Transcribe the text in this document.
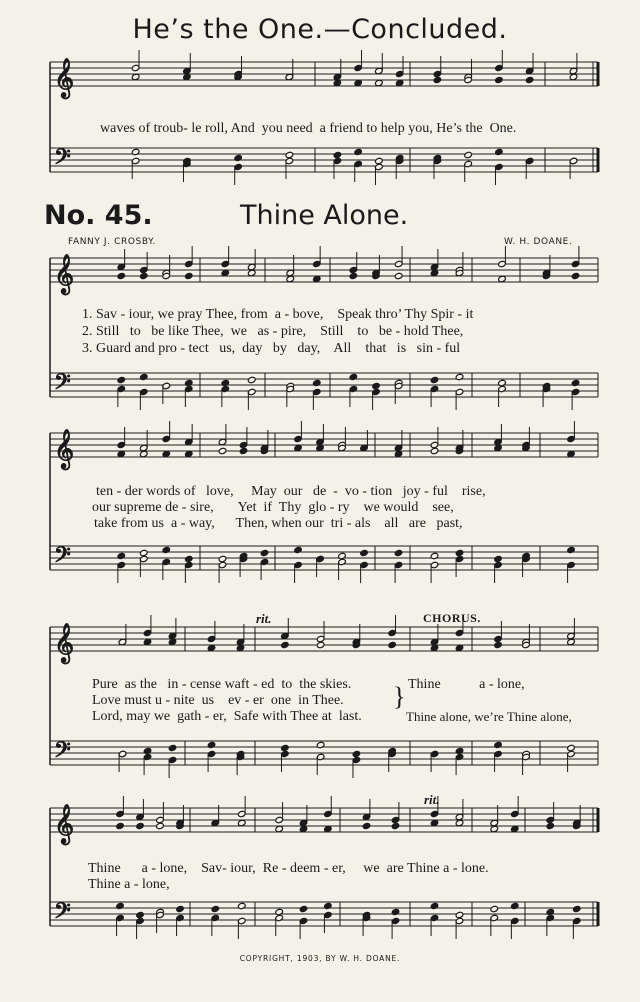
𝄞
𝄢
𝄞
𝄢
𝄞
𝄢
𝄞
𝄢
𝄞
𝄢
He’s the One.—Concluded.
waves of troub- le roll, And  you need  a friend to help you, He’s the  One.
No. 45.	Thine Alone.
FANNY J. CROSBY.	W. H. DOANE.
1. Sav - iour, we pray Thee, from  a - bove,    Speak thro’ Thy Spir - it
2. Still   to   be like Thee,  we   as - pire,    Still    to   be - hold Thee,
3. Guard and pro - tect   us,  day   by   day,    All    that   is   sin - ful
ten - der words of   love,     May  our   de  -  vo - tion   joy - ful    rise,
our supreme de - sire,       Yet  if  Thy  glo - ry    we would    see,
take from us  a - way,      Then, when our  tri - als    all   are   past,
rit.	CHORUS.
Pure  as the   in - cense waft - ed  to  the skies.
Love must u - nite  us    ev - er  one  in Thee.
Lord, may we  gath - er,  Safe with Thee at  last.
} Thine           a - lone,
Thine alone, we’re Thine alone,
rit.
Thine      a - lone,    Sav- iour,  Re - deem - er,     we  are Thine a - lone.
Thine a - lone,
COPYRIGHT, 1903, BY W. H. DOANE.
